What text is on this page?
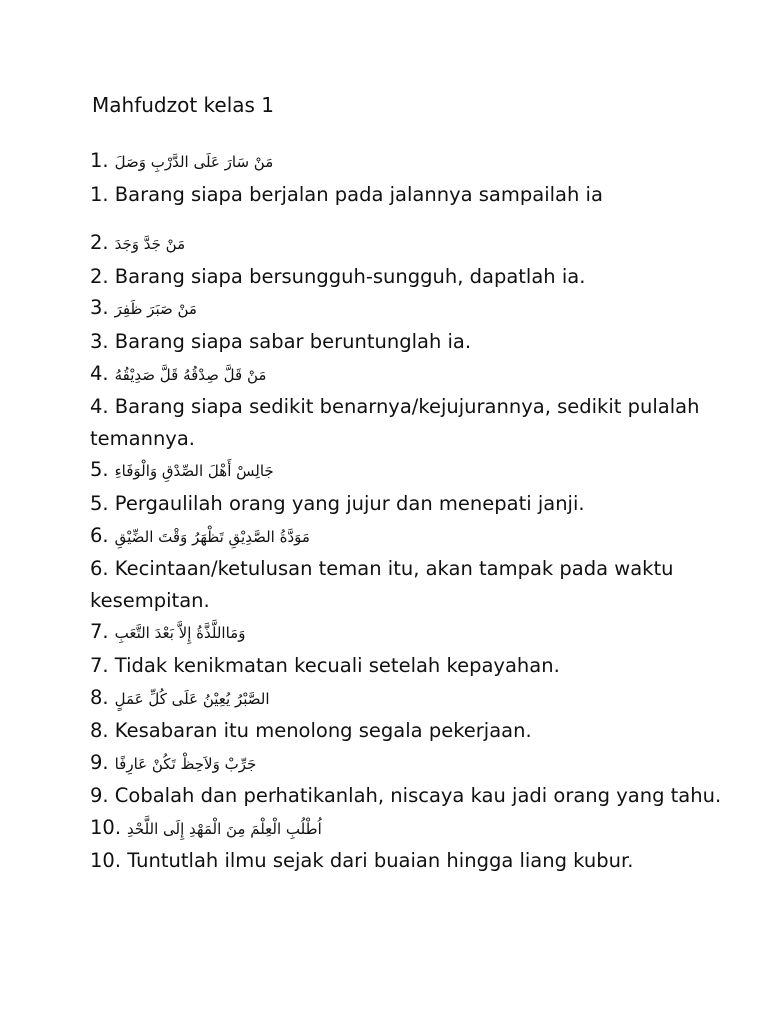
Mahfudzot kelas 1
1. مَنْ سَارَ عَلَى الدَّرْبِ وَصَلَ
1. Barang siapa berjalan pada jalannya sampailah ia
2. مَنْ جَدَّ وَجَدَ
2. Barang siapa bersungguh-sungguh, dapatlah ia.
3. مَنْ صَبَرَ ظَفِرَ
3. Barang siapa sabar beruntunglah ia.
4. مَنْ قَلَّ صِدْقُهُ قَلَّ صَدِيْقُهُ
4. Barang siapa sedikit benarnya/kejujurannya, sedikit pulalah temannya.
5. جَالِسْ أَهْلَ الصِّدْقِ وَالْوَفَاءِ
5. Pergaulilah orang yang jujur dan menepati janji.
6. مَوَدَّةُ الصَّدِيْقِ تَظْهَرُ وَقْتَ الضِّيْقِ
6. Kecintaan/ketulusan teman itu, akan tampak pada waktu kesempitan.
7. وَمَااللَّذَّةُ إِلاَّ بَعْدَ التَّعَبِ
7. Tidak kenikmatan kecuali setelah kepayahan.
8. الصَّبْرُ يُعِيْنُ عَلَى كُلِّ عَمَلٍ
8. Kesabaran itu menolong segala pekerjaan.
9. جَرِّبْ وَلاَحِظْ تَكُنْ عَارِفًا
9. Cobalah dan perhatikanlah, niscaya kau jadi orang yang tahu.
10. اُطْلُبِ الْعِلْمَ مِنَ الْمَهْدِ إِلَى اللَّحْدِ
10. Tuntutlah ilmu sejak dari buaian hingga liang kubur.
